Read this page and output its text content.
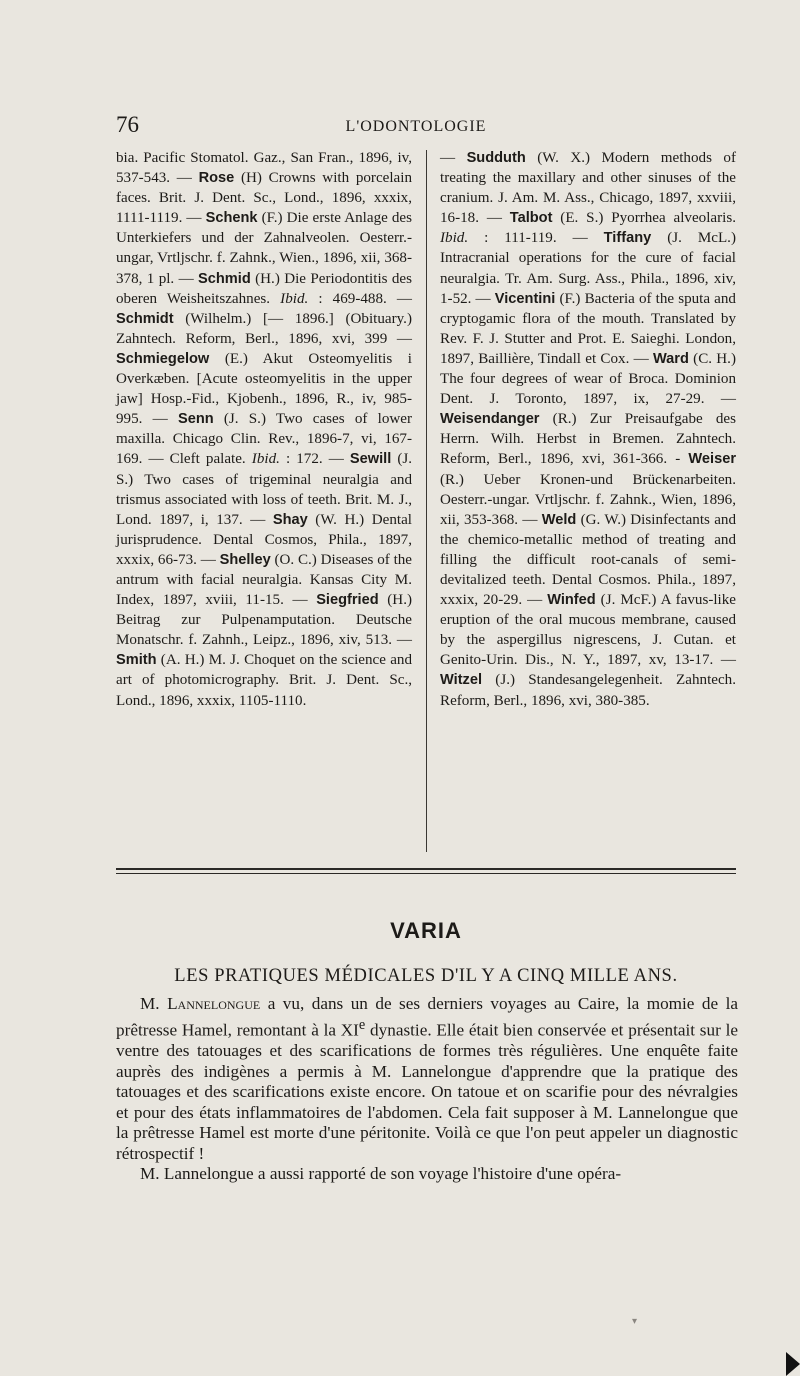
76	L'ODONTOLOGIE

bia. Pacific Stomatol. Gaz., San Fran., 1896, iv, 537-543. — Rose (H) Crowns with porcelain faces. Brit. J. Dent. Sc., Lond., 1896, xxxix, 1111-1119. — Schenk (F.) Die erste Anlage des Unterkiefers und der Zahnalveolen. Oesterr.-ungar, Vrtljschr. f. Zahnk., Wien., 1896, xii, 368-378, 1 pl. — Schmid (H.) Die Periodontitis des oberen Weisheitszahnes. Ibid. : 469-488. — Schmidt (Wilhelm.) [— 1896.] (Obituary.) Zahntech. Reform, Berl., 1896, xvi, 399 — Schmiegelow (E.) Akut Osteomyelitis i Overkæben. [Acute osteomyelitis in the upper jaw] Hosp.-Fid., Kjobenh., 1896, R., iv, 985-995. — Senn (J. S.) Two cases of lower maxilla. Chicago Clin. Rev., 1896-7, vi, 167-169. — Cleft palate. Ibid. : 172. — Sewill (J. S.) Two cases of trigeminal neuralgia and trismus associated with loss of teeth. Brit. M. J., Lond. 1897, i, 137. — Shay (W. H.) Dental jurisprudence. Dental Cosmos, Phila., 1897, xxxix, 66-73. — Shelley (O. C.) Diseases of the antrum with facial neuralgia. Kansas City M. Index, 1897, xviii, 11-15. — Siegfried (H.) Beitrag zur Pulpenamputation. Deutsche Monatschr. f. Zahnh., Leipz., 1896, xiv, 513. — Smith (A. H.) M. J. Choquet on the science and art of photomicrography. Brit. J. Dent. Sc., Lond., 1896, xxxix, 1105-1110.

— Sudduth (W. X.) Modern methods of treating the maxillary and other sinuses of the cranium. J. Am. M. Ass., Chicago, 1897, xxviii, 16-18. — Talbot (E. S.) Pyorrhea alveolaris. Ibid. : 111-119. — Tiffany (J. McL.) Intracranial operations for the cure of facial neuralgia. Tr. Am. Surg. Ass., Phila., 1896, xiv, 1-52. — Vicentini (F.) Bacteria of the sputa and cryptogamic flora of the mouth. Translated by Rev. F. J. Stutter and Prot. E. Saieghi. London, 1897, Baillière, Tindall et Cox. — Ward (C. H.) The four degrees of wear of Broca. Dominion Dent. J. Toronto, 1897, ix, 27-29. — Weisendanger (R.) Zur Preisaufgabe des Herrn. Wilh. Herbst in Bremen. Zahntech. Reform, Berl., 1896, xvi, 361-366. - Weiser (R.) Ueber Kronen-und Brückenarbeiten. Oesterr.-ungar. Vrtljschr. f. Zahnk., Wien, 1896, xii, 353-368. — Weld (G. W.) Disinfectants and the chemico-metallic method of treating and filling the difficult root-canals of semi-devitalized teeth. Dental Cosmos. Phila., 1897, xxxix, 20-29. — Winfed (J. McF.) A favus-like eruption of the oral mucous membrane, caused by the aspergillus nigrescens, J. Cutan. et Genito-Urin. Dis., N. Y., 1897, xv, 13-17. — Witzel (J.) Standesangelegenheit. Zahntech. Reform, Berl., 1896, xvi, 380-385.

VARIA
LES PRATIQUES MÉDICALES D'IL Y A CINQ MILLE ANS.

M. Lannelongue a vu, dans un de ses derniers voyages au Caire, la momie de la prêtresse Hamel, remontant à la XIe dynastie. Elle était bien conservée et présentait sur le ventre des tatouages et des scarifications de formes très régulières. Une enquête faite auprès des indigènes a permis à M. Lannelongue d'apprendre que la pratique des tatouages et des scarifications existe encore. On tatoue et on scarifie pour des névralgies et pour des états inflammatoires de l'abdomen. Cela fait supposer à M. Lannelongue que la prêtresse Hamel est morte d'une péritonite. Voilà ce que l'on peut appeler un diagnostic rétrospectif !

M. Lannelongue a aussi rapporté de son voyage l'histoire d'une opéra-

▾
